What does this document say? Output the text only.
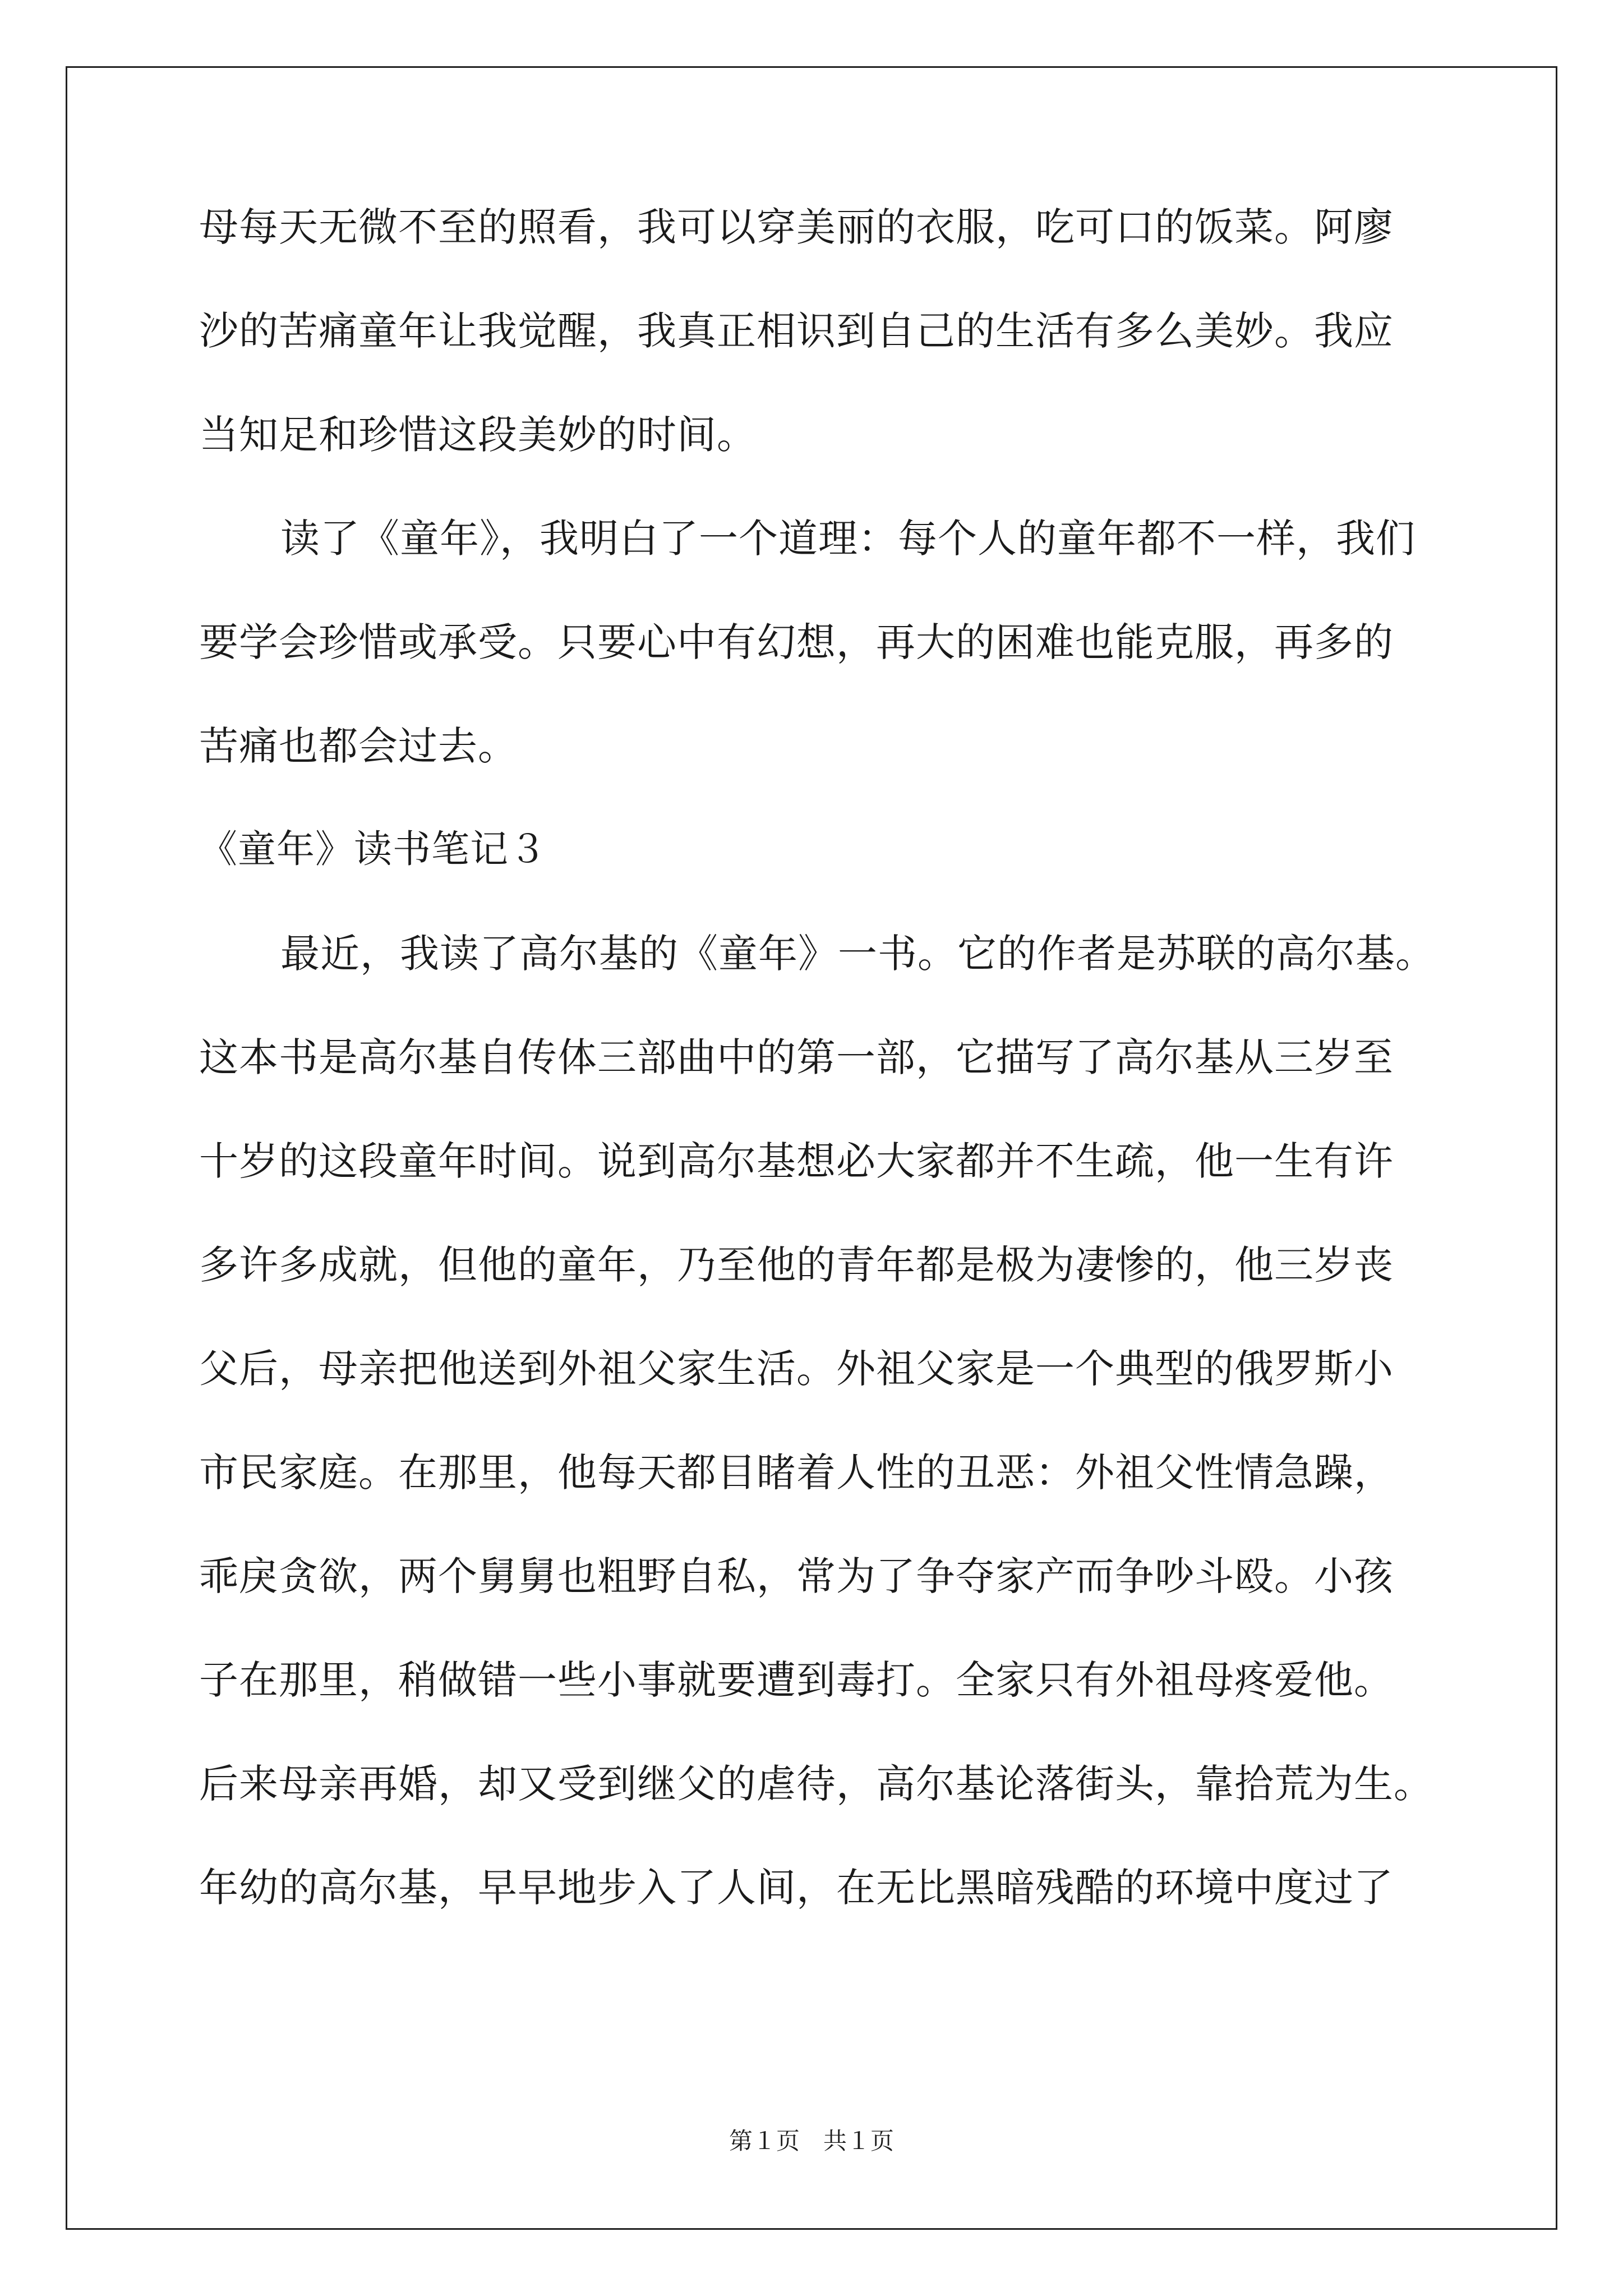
母每天无微不至的照看，我可以穿美丽的衣服，吃可口的饭菜。阿廖
沙的苦痛童年让我觉醒，我真正相识到自己的生活有多么美妙。我应
当知足和珍惜这段美妙的时间。
读了《童年》，我明白了一个道理：每个人的童年都不一样，我们
要学会珍惜或承受。只要心中有幻想，再大的困难也能克服，再多的
苦痛也都会过去。
《童年》读书笔记３
最近，我读了高尔基的《童年》一书。它的作者是苏联的高尔基。
这本书是高尔基自传体三部曲中的第一部，它描写了高尔基从三岁至
十岁的这段童年时间。说到高尔基想必大家都并不生疏，他一生有许
多许多成就，但他的童年，乃至他的青年都是极为凄惨的，他三岁丧
父后，母亲把他送到外祖父家生活。外祖父家是一个典型的俄罗斯小
市民家庭。在那里，他每天都目睹着人性的丑恶：外祖父性情急躁，
乖戾贪欲，两个舅舅也粗野自私，常为了争夺家产而争吵斗殴。小孩
子在那里，稍做错一些小事就要遭到毒打。全家只有外祖母疼爱他。
后来母亲再婚，却又受到继父的虐待，高尔基论落街头，靠拾荒为生。
年幼的高尔基，早早地步入了人间，在无比黑暗残酷的环境中度过了
第１页　共１页
